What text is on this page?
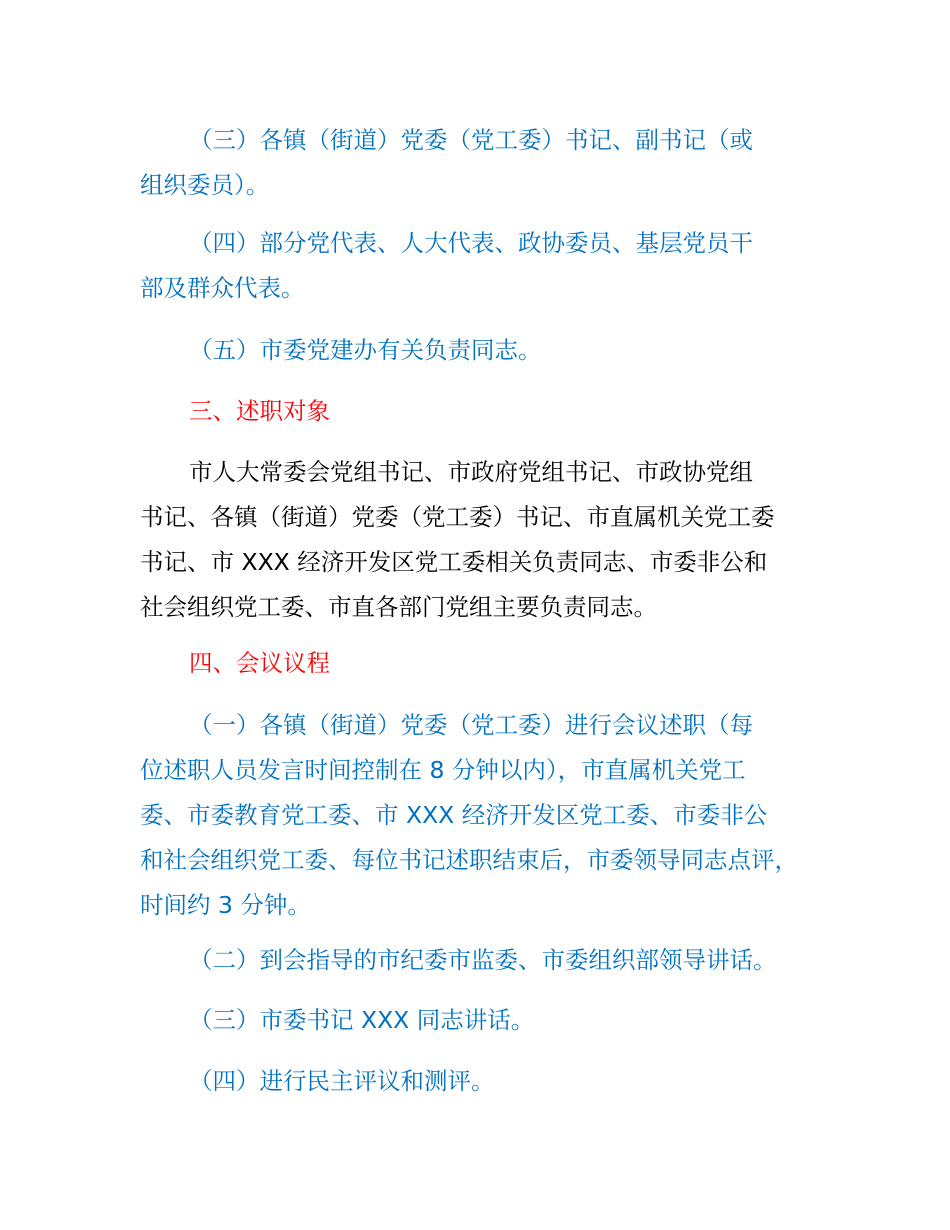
（三）各镇（街道）党委（党工委）书记、副书记（或
组织委员）。

（四）部分党代表、人大代表、政协委员、基层党员干
部及群众代表。

（五）市委党建办有关负责同志。

三、述职对象

市人大常委会党组书记、市政府党组书记、市政协党组
书记、各镇（街道）党委（党工委）书记、市直属机关党工委
书记、市 XXX 经济开发区党工委相关负责同志、市委非公和
社会组织党工委、市直各部门党组主要负责同志。

四、会议议程

（一）各镇（街道）党委（党工委）进行会议述职（每
位述职人员发言时间控制在 8 分钟以内），市直属机关党工
委、市委教育党工委、市 XXX 经济开发区党工委、市委非公
和社会组织党工委、每位书记述职结束后，市委领导同志点评，
时间约 3 分钟。

（二）到会指导的市纪委市监委、市委组织部领导讲话。

（三）市委书记 XXX 同志讲话。

（四）进行民主评议和测评。
